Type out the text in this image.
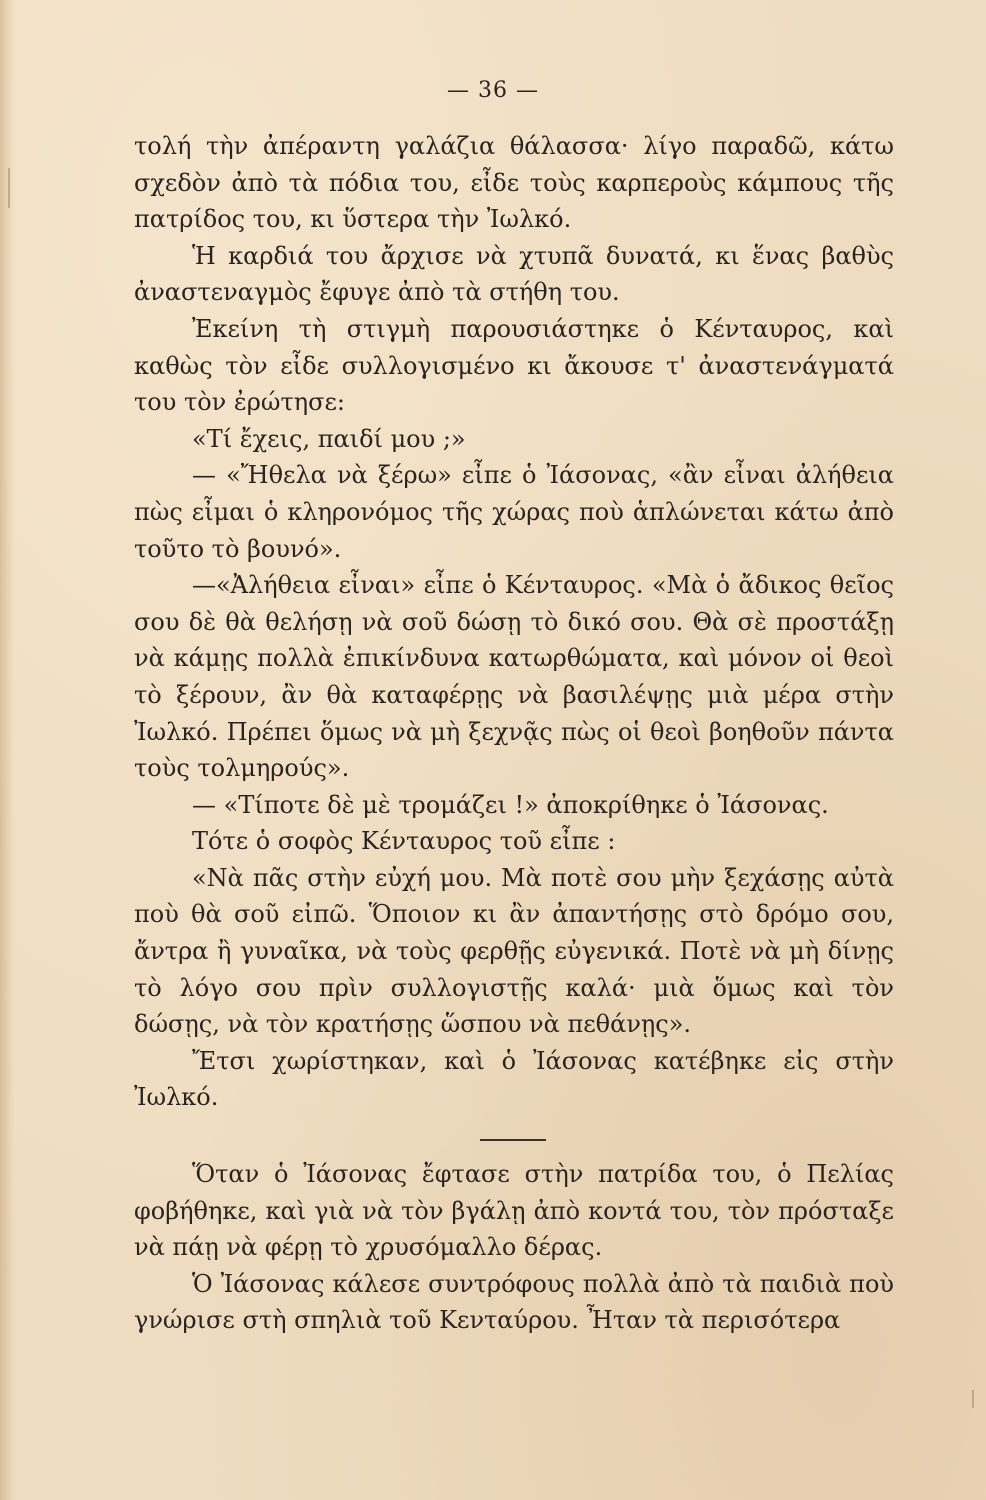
— 36 —

τολή τὴν ἀπέραντη γαλάζια θάλασσα· λίγο παραδῶ, κάτω σχεδὸν ἀπὸ τὰ πόδια του, εἶδε τοὺς καρπεροὺς κάμπους τῆς πατρίδος του, κι ὕστερα τὴν Ἰωλκό.

Ἡ καρδιά του ἄρχισε νὰ χτυπᾶ δυνατά, κι ἕνας βαθὺς ἀναστεναγμὸς ἔφυγε ἀπὸ τὰ στήθη του.

Ἐκείνη τὴ στιγμὴ παρουσιάστηκε ὁ Κένταυρος, καὶ καθὼς τὸν εἶδε συλλογισμένο κι ἄκουσε τ' ἀναστενάγματά του τὸν ἐρώτησε:

«Τί ἔχεις, παιδί μου ;»

— «Ἤθελα νὰ ξέρω» εἶπε ὁ Ἰάσονας, «ἂν εἶναι ἀλήθεια πὼς εἶμαι ὁ κληρονόμος τῆς χώρας ποὺ ἁπλώνεται κάτω ἀπὸ τοῦτο τὸ βουνό».

—«Ἀλήθεια εἶναι» εἶπε ὁ Κένταυρος. «Μὰ ὁ ἄδικος θεῖος σου δὲ θὰ θελήσῃ νὰ σοῦ δώσῃ τὸ δικό σου. Θὰ σὲ προστάξῃ νὰ κάμῃς πολλὰ ἐπικίνδυνα κατωρθώματα, καὶ μόνον οἱ θεοὶ τὸ ξέρουν, ἂν θὰ καταφέρῃς νὰ βασιλέψῃς μιὰ μέρα στὴν Ἰωλκό. Πρέπει ὅμως νὰ μὴ ξεχνᾷς πὼς οἱ θεοὶ βοηθοῦν πάντα τοὺς τολμηρούς».

— «Τίποτε δὲ μὲ τρομάζει !» ἀποκρίθηκε ὁ Ἰάσονας.

Τότε ὁ σοφὸς Κένταυρος τοῦ εἶπε :

«Νὰ πᾶς στὴν εὐχή μου. Μὰ ποτὲ σου μὴν ξεχάσῃς αὐτὰ ποὺ θὰ σοῦ εἰπῶ. Ὅποιον κι ἂν ἀπαντήσῃς στὸ δρόμο σου, ἄντρα ἢ γυναῖκα, νὰ τοὺς φερθῇς εὐγενικά. Ποτὲ νὰ μὴ δίνῃς τὸ λόγο σου πρὶν συλλογιστῇς καλά· μιὰ ὅμως καὶ τὸν δώσῃς, νὰ τὸν κρατήσῃς ὥσπου νὰ πεθάνῃς».

Ἔτσι χωρίστηκαν, καὶ ὁ Ἰάσονας κατέβηκε εἰς στὴν Ἰωλκό.

Ὅταν ὁ Ἰάσονας ἔφτασε στὴν πατρίδα του, ὁ Πελίας φοβήθηκε, καὶ γιὰ νὰ τὸν βγάλῃ ἀπὸ κοντά του, τὸν πρόσταξε νὰ πάῃ νὰ φέρῃ τὸ χρυσόμαλλο δέρας.

Ὁ Ἰάσονας κάλεσε συντρόφους πολλὰ ἀπὸ τὰ παιδιὰ ποὺ γνώρισε στὴ σπηλιὰ τοῦ Κενταύρου. Ἦταν τὰ περισότερα
